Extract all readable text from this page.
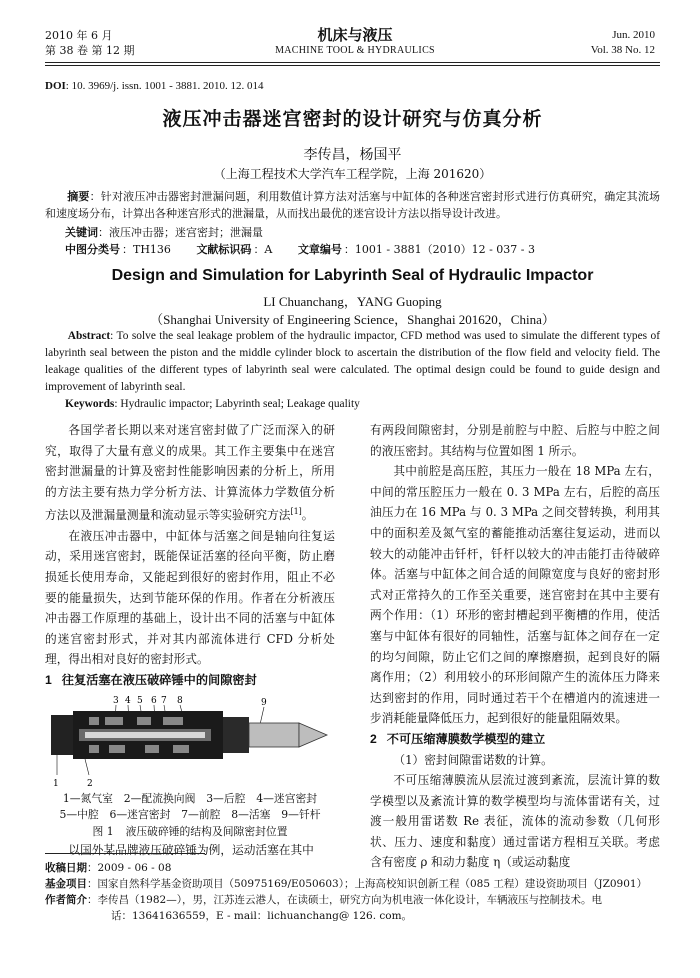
2010 年 6 月
第 38 卷 第 12 期
机床与液压
MACHINE TOOL & HYDRAULICS
Jun. 2010
Vol. 38 No. 12
DOI: 10. 3969/j. issn. 1001 - 3881. 2010. 12. 014
液压冲击器迷宫密封的设计研究与仿真分析
李传昌，杨国平
（上海工程技术大学汽车工程学院，上海 201620）
  摘要：针对液压冲击器密封泄漏问题，利用数值计算方法对活塞与中缸体的各种迷宫密封形式进行仿真研究，确定其流场和速度场分布，计算出各种迷宫形式的泄漏量，从而找出最优的迷宫设计方法以指导设计改进。
关键词：液压冲击器；迷宫密封；泄漏量
中图分类号 ：TH136 文献标识码 ：A 文章编号 ：1001 - 3881（2010）12 - 037 - 3
Design and Simulation for Labyrinth Seal of Hydraulic Impactor
LI Chuanchang，YANG Guoping
（Shanghai University of Engineering Science，Shanghai 201620，China）
  Abstract: To solve the seal leakage problem of the hydraulic impactor, CFD method was used to simulate the different types of labyrinth seal between the piston and the middle cylinder block to ascertain the distribution of the flow field and velocity field. The leakage qualities of the different types of labyrinth seal were calculated. The optimal design could be found to guide design and improvement of labyrinth seal.
Keywords: Hydraulic impactor; Labyrinth seal; Leakage quality

各国学者长期以来对迷宫密封做了广泛而深入的研究，取得了大量有意义的成果。其工作主要集中在迷宫密封泄漏量的计算及密封性能影响因素的分析上，所用的方法主要有热力学分析方法、计算流体力学数值分析方法以及泄漏量测量和流动显示等实验研究方法[1]。

在液压冲击器中，中缸体与活塞之间是轴向往复运动，采用迷宫密封，既能保证活塞的径向平衡，防止磨损延长使用寿命，又能起到很好的密封作用，阻止不必要的能量损失，达到节能环保的作用。作者在分析液压冲击器工作原理的基础上，设计出不同的活塞与中缸体的迷宫密封形式，并对其内部流体进行 CFD 分析处理，得出相对良好的密封形式。

1 往复活塞在液压破碎锤中的间隙密封

3 4 5 6 7 8	9
1	2
1—氮气室　2—配流换向阀　3—后腔　4—迷宫密封
5—中腔　6—迷宫密封　7—前腔　8—活塞　9—钎杆
图 1 液压破碎锤的结构及间隙密封位置

以国外某品牌液压破碎锤为例，运动活塞在其中

有两段间隙密封，分别是前腔与中腔、后腔与中腔之间的液压密封。其结构与位置如图 1 所示。

其中前腔是高压腔，其压力一般在 18 MPa 左右，中间的常压腔压力一般在 0. 3 MPa 左右，后腔的高压油压力在 16 MPa 与 0. 3 MPa 之间交替转换，利用其中的面积差及氮气室的蓄能推动活塞往复运动，进而以较大的动能冲击钎杆，钎杆以较大的冲击能打击待破碎体。活塞与中缸体之间合适的间隙宽度与良好的密封形式对正常持久的工作至关重要，迷宫密封在其中主要有两个作用：（1）环形的密封槽起到平衡槽的作用，使活塞与中缸体有很好的同轴性，活塞与缸体之间存在一定的均匀间隙，防止它们之间的摩擦磨损，起到良好的隔离作用；（2）利用较小的环形间隙产生的流体压力降来达到密封的作用，同时通过若干个在槽道内的流速进一步消耗能量降低压力，起到很好的能量阻隔效果。

2 不可压缩薄膜数学模型的建立

（1）密封间隙雷诺数的计算。

不可压缩薄膜流从层流过渡到紊流，层流计算的数学模型以及紊流计算的数学模型均与流体雷诺有关，过渡一般用雷诺数 Re 表征，流体的流动参数（几何形状、压力、速度和黏度）通过雷诺方程相互关联。考虑含有密度 ρ 和动力黏度 η（或运动黏度

收稿日期：2009 - 06 - 08
基金项目：国家自然科学基金资助项目（50975169/E050603）；上海高校知识创新工程（085 工程）建设资助项目（JZ0901）
作者简介：李传昌（1982—），男，江苏连云港人，在读硕士，研究方向为机电液一体化设计，车辆液压与控制技术。电
话：13641636559，E - mail：lichuanchang@ 126. com。
